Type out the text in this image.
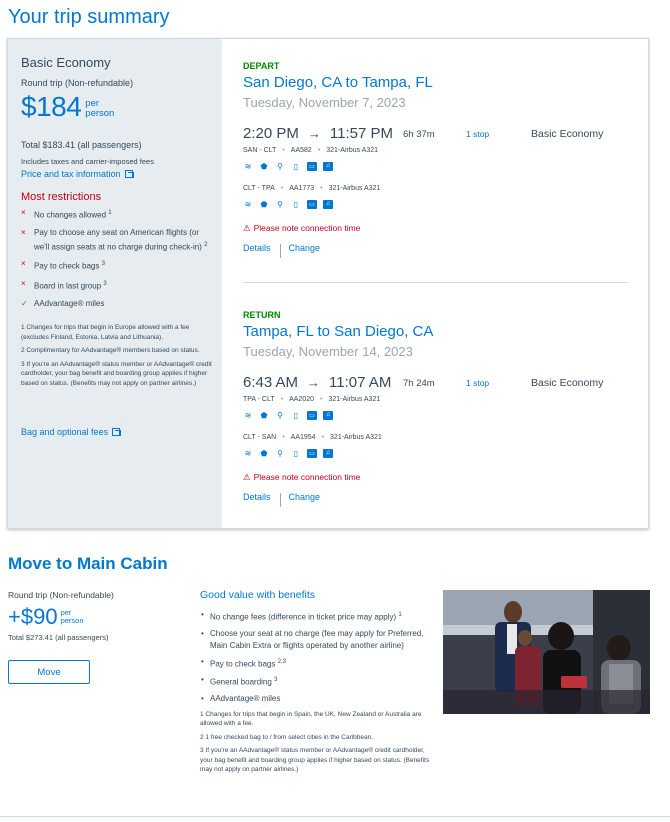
Your trip summary
Basic Economy
Round trip (Non-refundable)
$184 per
person
Total $183.41 (all passengers)
Includes taxes and carrier-imposed fees
Price and tax information
Most restrictions
× No changes allowed $^1$
× Pay to choose any seat on American flights (or we'll assign seats at no charge during check-in) $^2$
× Pay to check bags $^3$
× Board in last group $^3$
✓ AAdvantage® miles

1 Changes for trips that begin in Europe allowed with a fee (excludes Finland, Estonia, Latvia and Lithuania).

2 Complimentary for AAdvantage® members based on status.

3 If you're an AAdvantage® status member or AAdvantage® credit cardholder, your bag benefit and boarding group applies if higher based on status. (Benefits may not apply on partner airlines.)

Bag and optional fees
DEPART
San Diego, CA to Tampa, FL
Tuesday, November 7, 2023
2:20 PM → 11:57 PM 6h 37m	1 stop	Basic Economy
SAN - CLT • AA582 • 321-Airbus A321
≋ ⬟ ⚲	▯	▭	♫
CLT - TPA • AA1773 • 321-Airbus A321
≋ ⬟ ⚲	▯	▭	♫
⚠ Please note connection time
Details Change
RETURN
Tampa, FL to San Diego, CA
Tuesday, November 14, 2023
6:43 AM → 11:07 AM 7h 24m	1 stop	Basic Economy
TPA - CLT • AA2020 • 321-Airbus A321
≋ ⬟ ⚲	▯	▭	♫
CLT - SAN • AA1954 • 321-Airbus A321
≋ ⬟ ⚲	▯	▭	♫
⚠ Please note connection time
Details Change
Move to Main Cabin
Round trip (Non-refundable)
+$90 per
person
Total $273.41 (all passengers)
Move
Good value with benefits
• No change fees (difference in ticket price may apply) $^1$
• Choose your seat at no charge (fee may apply for Preferred, Main Cabin Extra or flights operated by another airline)
• Pay to check bags $^{2,3}$
• General boarding $^3$
• AAdvantage® miles

1 Changes for trips that begin in Spain, the UK, New Zealand or Australia are allowed with a fee.

2 1 free checked bag to / from select cities in the Caribbean.

3 If you're an AAdvantage® status member or AAdvantage® credit cardholder, your bag benefit and boarding group applies if higher based on status. (Benefits may not apply on partner airlines.)
